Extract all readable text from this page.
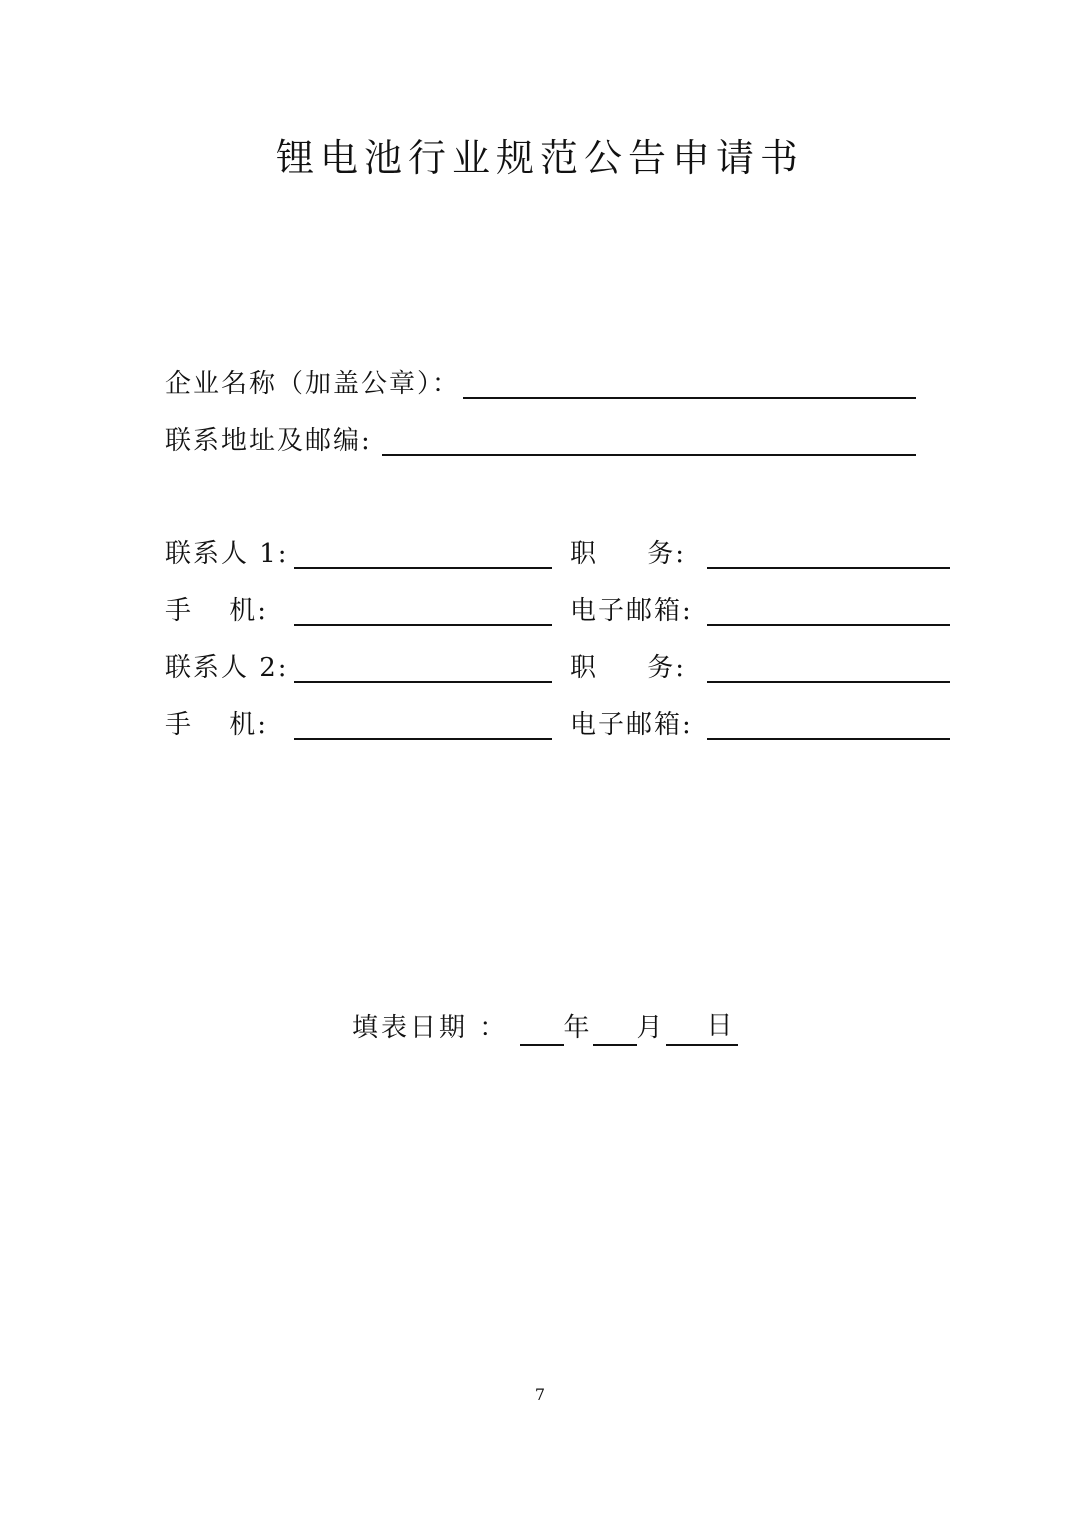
锂电池行业规范公告申请书
企业名称（加盖公章）：
联系地址及邮编:
联系人 1:	职 务:
手 机:	电子邮箱:
联系人 2:	职 务:
手 机:	电子邮箱:
填表日期 ： 年 月 日
7
